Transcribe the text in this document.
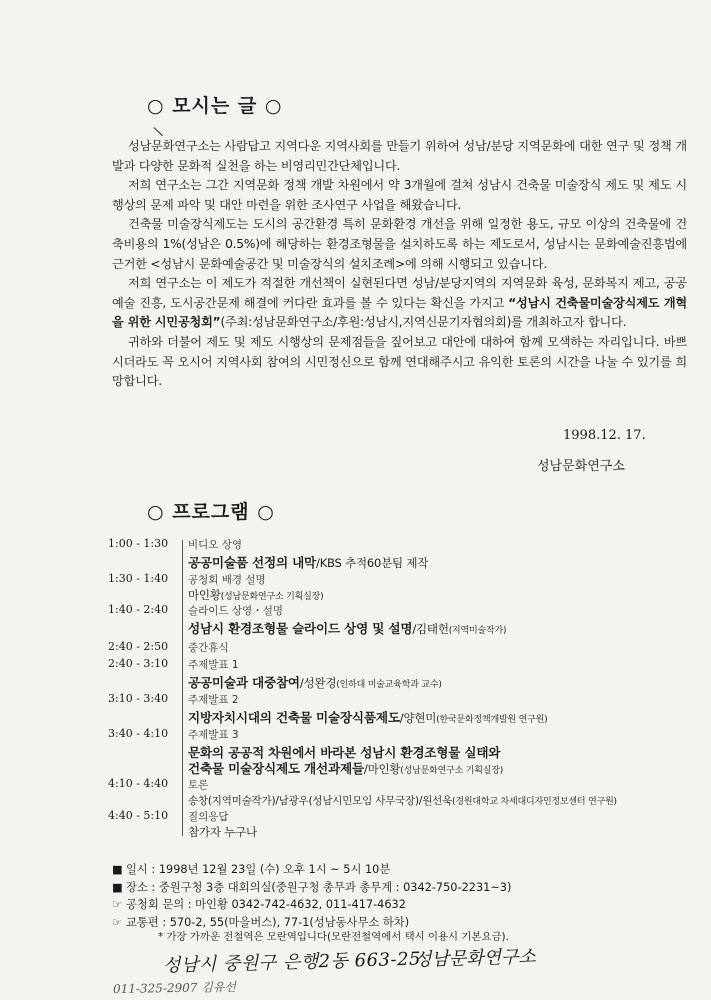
○ 모시는 글 ○
\

성남문화연구소는 사람답고 지역다운 지역사회를 만들기 위하여 성남/분당 지역문화에 대한 연구 및 정책 개발과 다양한 문화적 실천을 하는 비영리민간단체입니다.

저희 연구소는 그간 지역문화 정책 개발 차원에서 약 3개월에 걸쳐 성남시 건축물 미술장식 제도 및 제도 시행상의 문제 파악 및 대안 마련을 위한 조사연구 사업을 해왔습니다.

건축물 미술장식제도는 도시의 공간환경 특히 문화환경 개선을 위해 일정한 용도, 규모 이상의 건축물에 건축비용의 1%(성남은 0.5%)에 해당하는 환경조형물을 설치하도록 하는 제도로서, 성남시는 문화예술진흥법에 근거한 <성남시 문화예술공간 및 미술장식의 설치조례>에 의해 시행되고 있습니다.

저희 연구소는 이 제도가 적절한 개선책이 실현된다면 성남/분당지역의 지역문화 육성, 문화복지 제고, 공공예술 진흥, 도시공간문제 해결에 커다란 효과를 볼 수 있다는 확신을 가지고 “성남시 건축물미술장식제도 개혁을 위한 시민공청회”(주최:성남문화연구소/후원:성남시,지역신문기자협의회)를 개최하고자 합니다.

귀하와 더불어 제도 및 제도 시행상의 문제점들을 짚어보고 대안에 대하여 함께 모색하는 자리입니다. 바쁘시더라도 꼭 오시어 지역사회 참여의 시민정신으로 함께 연대해주시고 유익한 토론의 시간을 나눌 수 있기를 희망합니다.

1998.12. 17.
성남문화연구소
○ 프로그램 ○
1:00 - 1:30	비디오 상영
공공미술품 선정의 내막/KBS 추적60분팀 제작
1:30 - 1:40	공청회 배경 설명
마인황(성남문화연구소 기획실장)
1:40 - 2:40	슬라이드 상영・설명
성남시 환경조형물 슬라이드 상영 및 설명/김태헌(지역미술작가)
2:40 - 2:50	중간휴식
2:40 - 3:10	주제발표 1
공공미술과 대중참여/성완경(인하대 미술교육학과 교수)
3:10 - 3:40	주제발표 2
지방자치시대의 건축물 미술장식품제도/양현미(한국문화정책개발원 연구원)
3:40 - 4:10	주제발표 3
문화의 공공적 차원에서 바라본 성남시 환경조형물 실태와
건축물 미술장식제도 개선과제들/마인황(성남문화연구소 기획실장)
4:10 - 4:40	토론
송창(지역미술작가)/남광우(성남시민모임 사무국장)/원선욱(경원대학교 차세대디자인정보센터 연구원)
4:40 - 5:10	질의응답
참가자 누구나
■ 일시 : 1998년 12월 23일 (수) 오후 1시 ~ 5시 10분
■ 장소 : 중원구청 3층 대회의실(중원구청 총무과 총무계 : 0342-750-2231~3)
☞ 공청회 문의 : 마인황 0342-742-4632, 011-417-4632
☞ 교통편 : 570-2, 55(마을버스), 77-1(성남동사무소 하차)
* 가장 가까운 전철역은 모란역입니다(모란전철역에서 택시 이용시 기본요금).
성남시 중원구 은행2동 663-25
성남문화연구소
011-325-2907 김유선
